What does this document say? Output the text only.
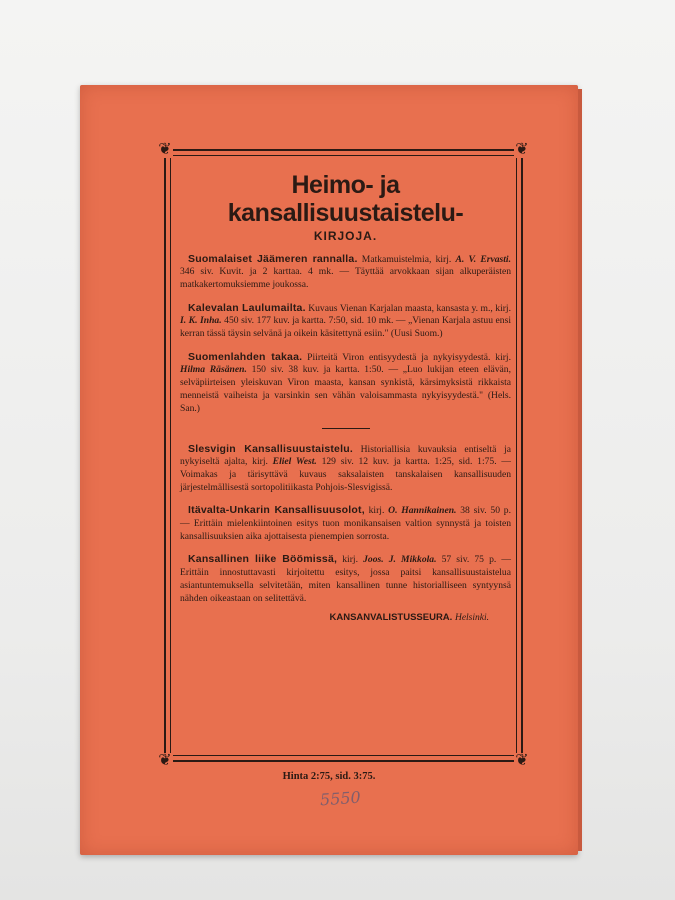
❦	❦
❦	❦
Heimo- ja kansallisuustaistelu-
KIRJOJA.

Suomalaiset Jäämeren rannalla. Matkamuistelmia, kirj. A. V. Ervasti. 346 siv. Kuvit. ja 2 karttaa. 4 mk. — Täyttää arvokkaan sijan alkuperäisten matkakertomuksiemme joukossa.

Kalevalan Laulumailta. Kuvaus Vienan Karjalan maasta, kansasta y. m., kirj. I. K. Inha. 450 siv. 177 kuv. ja kartta. 7:50, sid. 10 mk. — „Vienan Karjala astuu ensi kerran tässä täysin selvänä ja oikein käsitettynä esiin." (Uusi Suom.)

Suomenlahden takaa. Piirteitä Viron entisyydestä ja nykyisyydestä. kirj. Hilma Räsänen. 150 siv. 38 kuv. ja kartta. 1:50. — „Luo lukijan eteen elävän, selväpiirteisen yleiskuvan Viron maasta, kansan synkistä, kärsimyksistä rikkaista menneistä vaiheista ja varsinkin sen vähän valoisammasta nykyisyydestä." (Hels. San.)

Slesvigin Kansallisuustaistelu. Historiallisia kuvauksia entiseltä ja nykyiseltä ajalta, kirj. Eliel West. 129 siv. 12 kuv. ja kartta. 1:25, sid. 1:75. — Voimakas ja tärisyttävä kuvaus saksalaisten tanskalaisen kansallisuuden järjestelmällisestä sortopolitiikasta Pohjois-Slesvigissä.

Itävalta-Unkarin Kansallisuusolot, kirj. O. Hannikainen. 38 siv. 50 p. — Erittäin mielenkiintoinen esitys tuon monikansaisen valtion synnystä ja toisten kansallisuuksien aika ajottaisesta pienempien sorrosta.

Kansallinen liike Böömissä, kirj. Joos. J. Mikkola. 57 siv. 75 p. — Erittäin innostuttavasti kirjoitettu esitys, jossa paitsi kansallisuustaistelua asiantuntemuksella selvitetään, miten kansallinen tunne historialliseen syntyynsä nähden oikeastaan on selitettävä.

KANSANVALISTUSSEURA. Helsinki.
Hinta 2:75, sid. 3:75.
5550
